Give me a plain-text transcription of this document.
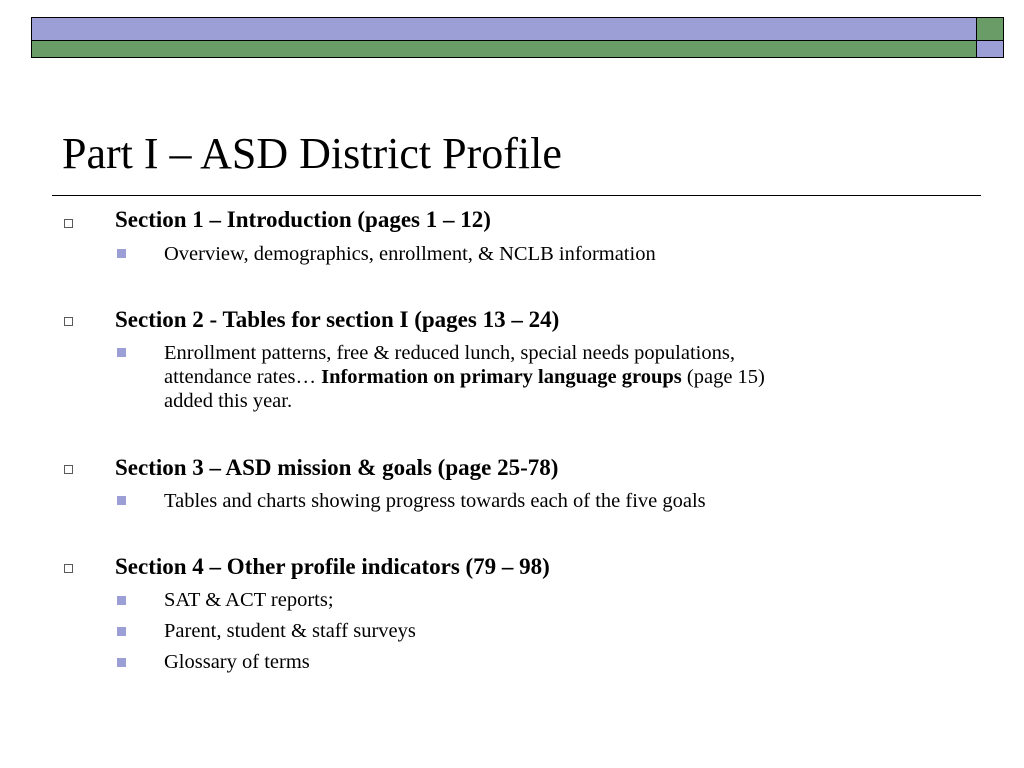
Part I – ASD District Profile
Section 1 – Introduction (pages 1 – 12)
Overview, demographics, enrollment, & NCLB information
Section 2 - Tables for section I (pages 13 – 24)
Enrollment patterns, free & reduced lunch, special needs populations,
attendance rates… Information on primary language groups (page 15)
added this year.
Section 3 – ASD mission & goals (page 25-78)
Tables and charts showing progress towards each of the five goals
Section 4 – Other profile indicators (79 – 98)
SAT & ACT reports;
Parent, student & staff surveys
Glossary of terms
